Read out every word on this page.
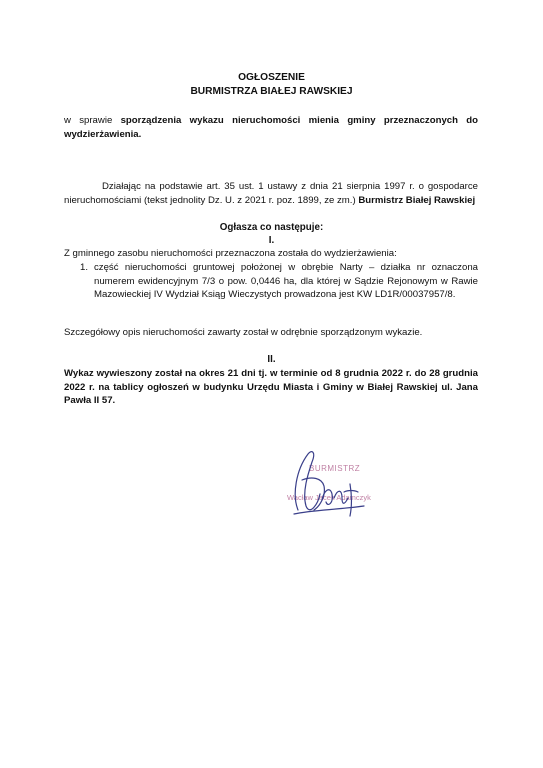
OGŁOSZENIE
BURMISTRZA BIAŁEJ RAWSKIEJ
w sprawie sporządzenia wykazu nieruchomości mienia gminy przeznaczonych do wydzierżawienia.
Działając na podstawie art. 35 ust. 1 ustawy z dnia 21 sierpnia 1997 r. o gospodarce nieruchomościami (tekst jednolity Dz. U. z 2021 r. poz. 1899, ze zm.) Burmistrz Białej Rawskiej
Ogłasza co następuje:
I.
Z gminnego zasobu nieruchomości przeznaczona została do wydzierżawienia:
1. część nieruchomości gruntowej położonej w obrębie Narty – działka nr oznaczona numerem ewidencyjnym 7/3 o pow. 0,0446 ha, dla której w Sądzie Rejonowym w Rawie Mazowieckiej IV Wydział Ksiąg Wieczystych prowadzona jest KW LD1R/00037957/8.
Szczegółowy opis nieruchomości zawarty został w odrębnie sporządzonym wykazie.
II.
Wykaz wywieszony został na okres 21 dni tj. w terminie od 8 grudnia 2022 r. do 28 grudnia 2022 r. na tablicy ogłoszeń w budynku Urzędu Miasta i Gminy w Białej Rawskiej ul. Jana Pawła II 57.
BURMISTRZ
Wacław Jacek Adamczyk
